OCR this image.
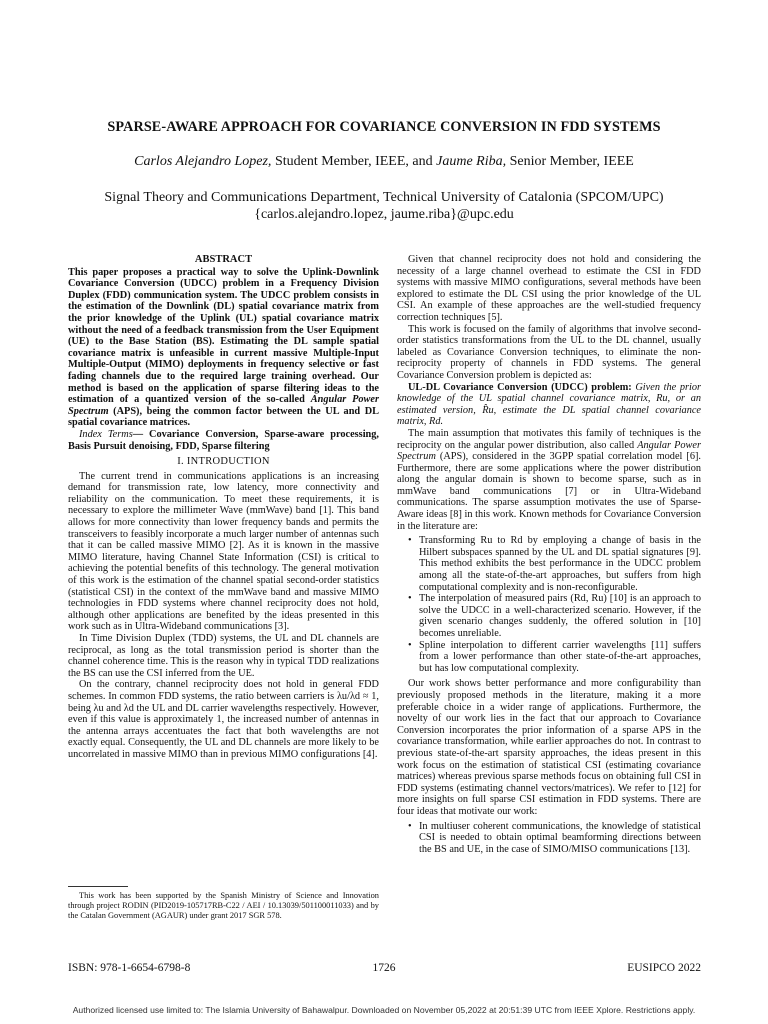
SPARSE-AWARE APPROACH FOR COVARIANCE CONVERSION IN FDD SYSTEMS
Carlos Alejandro Lopez, Student Member, IEEE, and Jaume Riba, Senior Member, IEEE
Signal Theory and Communications Department, Technical University of Catalonia (SPCOM/UPC)
{carlos.alejandro.lopez, jaume.riba}@upc.edu
ABSTRACT

This paper proposes a practical way to solve the Uplink-Downlink Covariance Conversion (UDCC) problem in a Frequency Division Duplex (FDD) communication system. The UDCC problem consists in the estimation of the Downlink (DL) spatial covariance matrix from the prior knowledge of the Uplink (UL) spatial covariance matrix without the need of a feedback transmission from the User Equipment (UE) to the Base Station (BS). Estimating the DL sample spatial covariance matrix is unfeasible in current massive Multiple-Input Multiple-Output (MIMO) deployments in frequency selective or fast fading channels due to the required large training overhead. Our method is based on the application of sparse filtering ideas to the estimation of a quantized version of the so-called Angular Power Spectrum (APS), being the common factor between the UL and DL spatial covariance matrices.

Index Terms— Covariance Conversion, Sparse-aware processing, Basis Pursuit denoising, FDD, Sparse filtering

I. INTRODUCTION

The current trend in communications applications is an increasing demand for transmission rate, low latency, more connectivity and reliability on the communication. To meet these requirements, it is necessary to explore the millimeter Wave (mmWave) band [1]. This band allows for more connectivity than lower frequency bands and permits the transceivers to feasibly incorporate a much larger number of antennas such that it can be called massive MIMO [2]. As it is known in the massive MIMO literature, having Channel State Information (CSI) is critical to achieving the potential benefits of this technology. The general motivation of this work is the estimation of the channel spatial second-order statistics (statistical CSI) in the context of the mmWave band and massive MIMO technologies in FDD systems where channel reciprocity does not hold, although other applications are benefited by the ideas presented in this work such as in Ultra-Wideband communications [3].

In Time Division Duplex (TDD) systems, the UL and DL channels are reciprocal, as long as the total transmission period is shorter than the channel coherence time. This is the reason why in typical TDD realizations the BS can use the CSI inferred from the UE.

On the contrary, channel reciprocity does not hold in general FDD schemes. In common FDD systems, the ratio between carriers is λu/λd ≈ 1, being λu and λd the UL and DL carrier wavelengths respectively. However, even if this value is approximately 1, the increased number of antennas in the antenna arrays accentuates the fact that both wavelengths are not exactly equal. Consequently, the UL and DL channels are more likely to be uncorrelated in massive MIMO than in previous MIMO configurations [4].

This work has been supported by the Spanish Ministry of Science and Innovation through project RODIN (PID2019-105717RB-C22 / AEI / 10.13039/501100011033) and by the Catalan Government (AGAUR) under grant 2017 SGR 578.

Given that channel reciprocity does not hold and considering the necessity of a large channel overhead to estimate the CSI in FDD systems with massive MIMO configurations, several methods have been explored to estimate the DL CSI using the prior knowledge of the UL CSI. An example of these approaches are the well-studied frequency correction techniques [5].

This work is focused on the family of algorithms that involve second-order statistics transformations from the UL to the DL channel, usually labeled as Covariance Conversion techniques, to eliminate the non-reciprocity property of channels in FDD systems. The general Covariance Conversion problem is depicted as:

UL-DL Covariance Conversion (UDCC) problem: Given the prior knowledge of the UL spatial channel covariance matrix, Ru, or an estimated version, R̂u, estimate the DL spatial channel covariance matrix, Rd.

The main assumption that motivates this family of techniques is the reciprocity on the angular power distribution, also called Angular Power Spectrum (APS), considered in the 3GPP spatial correlation model [6]. Furthermore, there are some applications where the power distribution along the angular domain is shown to become sparse, such as in mmWave band communications [7] or in Ultra-Wideband communications. The sparse assumption motivates the use of Sparse-Aware ideas [8] in this work. Known methods for Covariance Conversion in the literature are:

• Transforming Ru to Rd by employing a change of basis in the Hilbert subspaces spanned by the UL and DL spatial signatures [9]. This method exhibits the best performance in the UDCC problem among all the state-of-the-art approaches, but suffers from high computational complexity and is non-reconfigurable.
• The interpolation of measured pairs (Rd, Ru) [10] is an approach to solve the UDCC in a well-characterized scenario. However, if the given scenario changes suddenly, the offered solution in [10] becomes unreliable.
• Spline interpolation to different carrier wavelengths [11] suffers from a lower performance than other state-of-the-art approaches, but has low computational complexity.

Our work shows better performance and more configurability than previously proposed methods in the literature, making it a more preferable choice in a wider range of applications. Furthermore, the novelty of our work lies in the fact that our approach to Covariance Conversion incorporates the prior information of a sparse APS in the covariance transformation, while earlier approaches do not. In contrast to previous state-of-the-art sparsity approaches, the ideas present in this work focus on the estimation of statistical CSI (estimating covariance matrices) whereas previous sparse methods focus on obtaining full CSI in FDD systems (estimating channel vectors/matrices). We refer to [12] for more insights on full sparse CSI estimation in FDD systems. There are four ideas that motivate our work:

• In multiuser coherent communications, the knowledge of statistical CSI is needed to obtain optimal beamforming directions between the BS and UE, in the case of SIMO/MISO communications [13].
ISBN: 978-1-6654-6798-8	1726	EUSIPCO 2022
Authorized licensed use limited to: The Islamia University of Bahawalpur. Downloaded on November 05,2022 at 20:51:39 UTC from IEEE Xplore. Restrictions apply.
